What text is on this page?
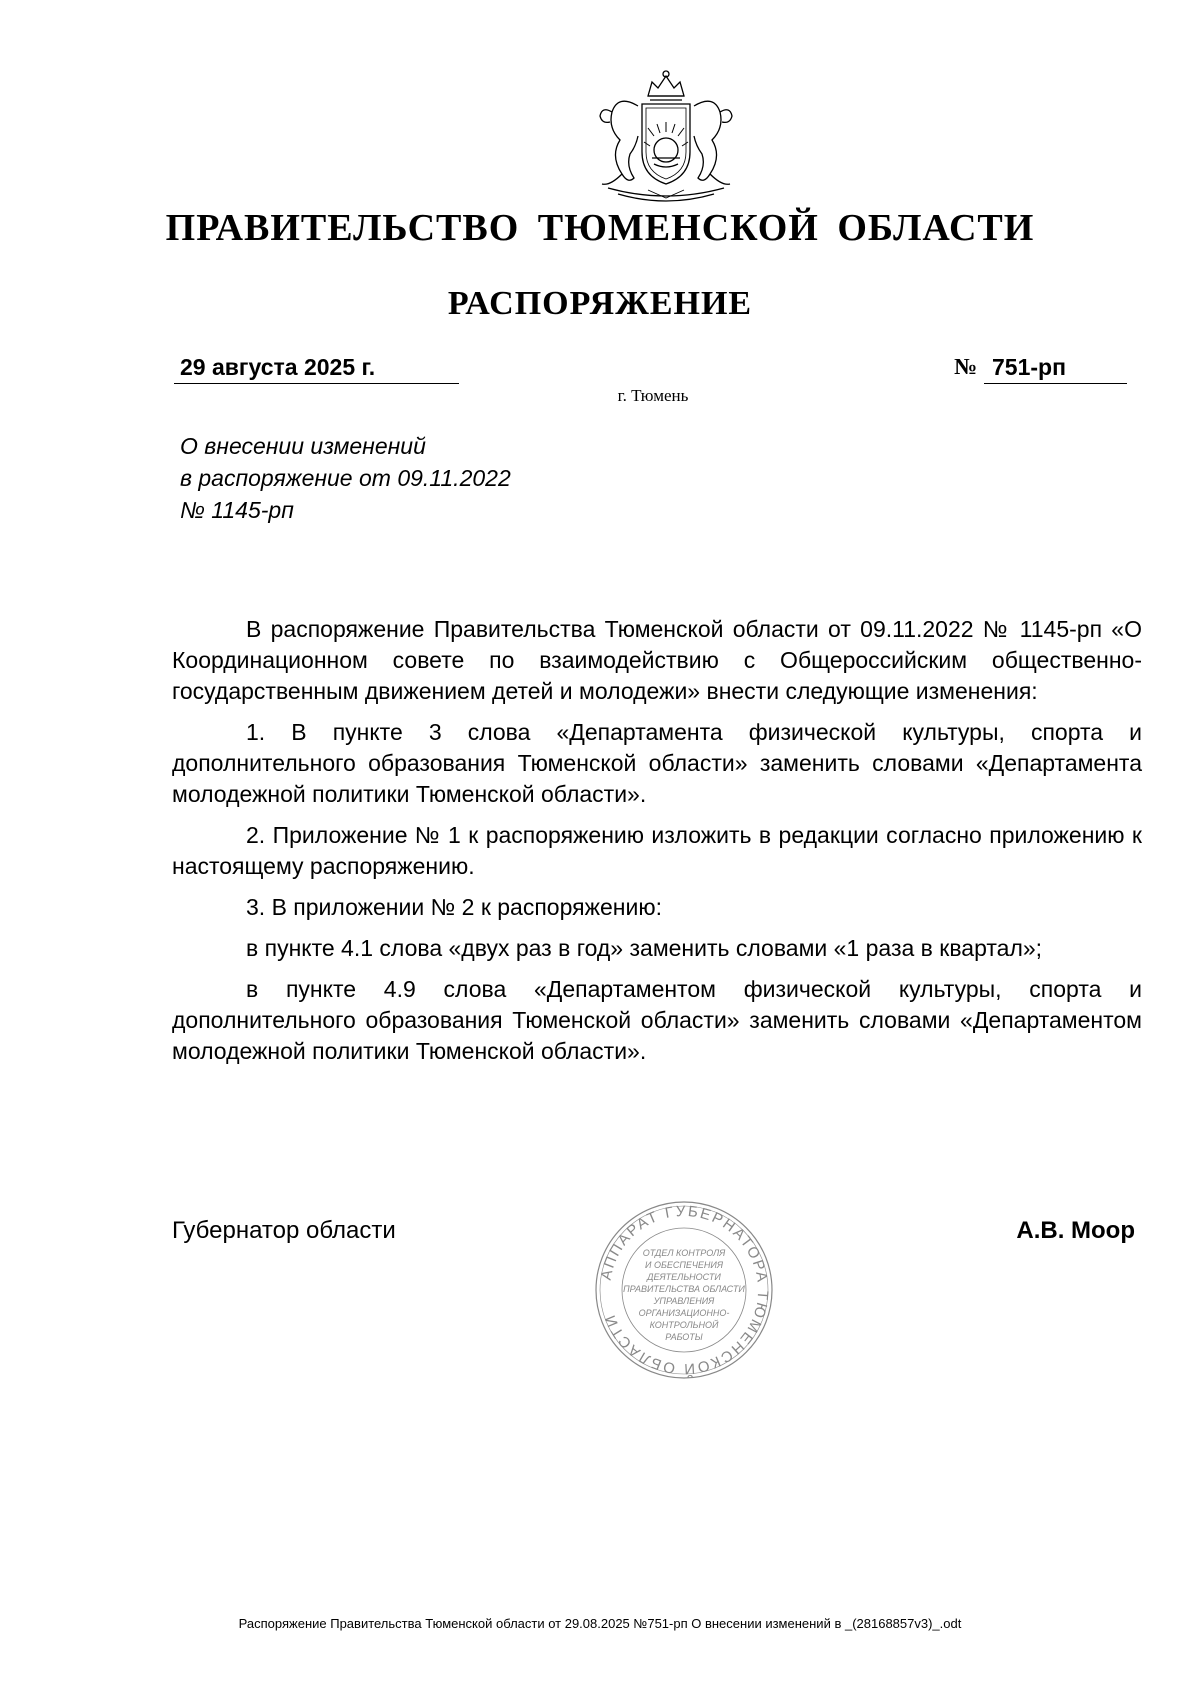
ПРАВИТЕЛЬСТВО ТЮМЕНСКОЙ ОБЛАСТИ
РАСПОРЯЖЕНИЕ
29 августа 2025 г.	№ 751-рп
г. Тюмень
О внесении изменений
в распоряжение от 09.11.2022
№ 1145-рп

В распоряжение Правительства Тюменской области от 09.11.2022 № 1145-рп «О Координационном совете по взаимодействию с Общероссийским общественно-государственным движением детей и молодежи» внести следующие изменения:

1. В пункте 3 слова «Департамента физической культуры, спорта и дополнительного образования Тюменской области» заменить словами «Департамента молодежной политики Тюменской области».

2. Приложение № 1 к распоряжению изложить в редакции согласно приложению к настоящему распоряжению.

3. В приложении № 2 к распоряжению:

в пункте 4.1 слова «двух раз в год» заменить словами «1 раза в квартал»;

в пункте 4.9 слова «Департаментом физической культуры, спорта и дополнительного образования Тюменской области» заменить словами «Департаментом молодежной политики Тюменской области».

Губернатор области	А.В. Моор
АППАРАТ ГУБЕРНАТОРА ТЮМЕНСКОЙ ОБЛАСТИ
ОТДЕЛ КОНТРОЛЯ
И ОБЕСПЕЧЕНИЯ
ДЕЯТЕЛЬНОСТИ
ПРАВИТЕЛЬСТВА ОБЛАСТИ
УПРАВЛЕНИЯ
ОРГАНИЗАЦИОННО-
КОНТРОЛЬНОЙ
РАБОТЫ
Распоряжение Правительства Тюменской области от 29.08.2025 №751-рп О внесении изменений в _(28168857v3)_.odt
